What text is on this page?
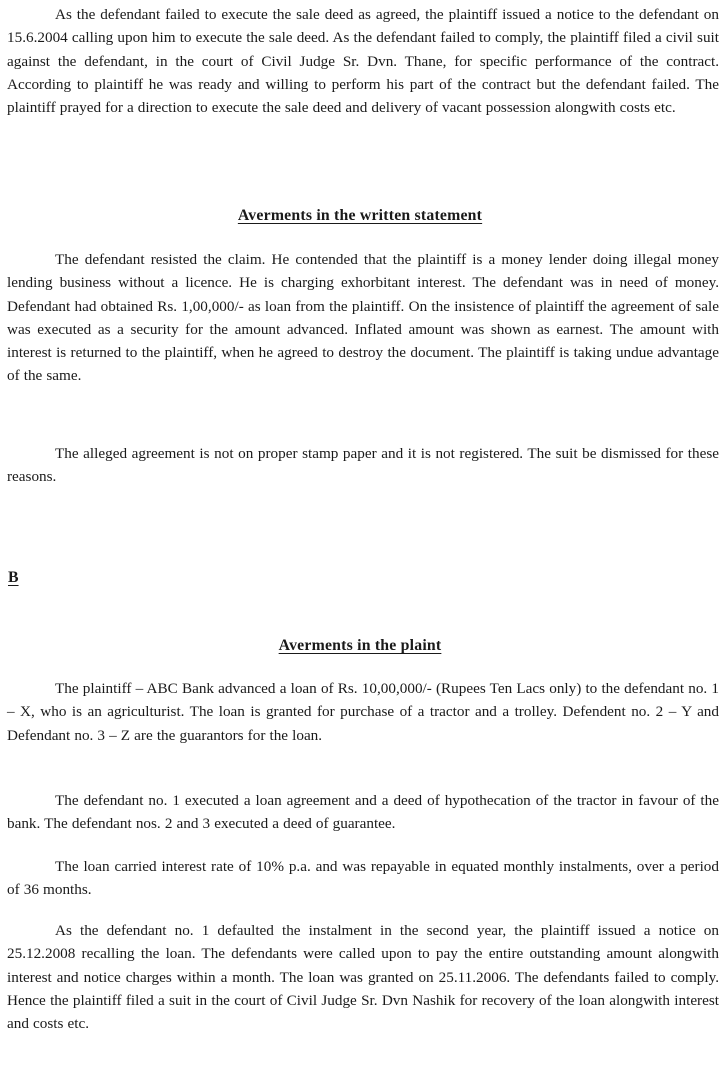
As the defendant failed to execute the sale deed as agreed, the plaintiff issued a notice to the defendant on 15.6.2004 calling upon him to execute the sale deed. As the defendant failed to comply, the plaintiff filed a civil suit against the defendant, in the court of Civil Judge Sr. Dvn. Thane, for specific performance of the contract. According to plaintiff he was ready and willing to perform his part of the contract but the defendant failed. The plaintiff prayed for a direction to execute the sale deed and delivery of vacant possession alongwith costs etc.

Averments in the written statement

The defendant resisted the claim. He contended that the plaintiff is a money lender doing illegal money lending business without a licence. He is charging exhorbitant interest. The defendant was in need of money. Defendant had obtained Rs. 1,00,000/- as loan from the plaintiff. On the insistence of plaintiff the agreement of sale was executed as a security for the amount advanced. Inflated amount was shown as earnest. The amount with interest is returned to the plaintiff, when he agreed to destroy the document. The plaintiff is taking undue advantage of the same.

The alleged agreement is not on proper stamp paper and it is not registered. The suit be dismissed for these reasons.

B
Averments in the plaint

The plaintiff – ABC Bank advanced a loan of Rs. 10,00,000/- (Rupees Ten Lacs only) to the defendant no. 1 – X, who is an agriculturist. The loan is granted for purchase of a tractor and a trolley. Defendent no. 2 – Y and Defendant no. 3 – Z are the guarantors for the loan.

The defendant no. 1 executed a loan agreement and a deed of hypothecation of the tractor in favour of the bank. The defendant nos. 2 and 3 executed a deed of guarantee.

The loan carried interest rate of 10% p.a. and was repayable in equated monthly instalments, over a period of 36 months.

As the defendant no. 1 defaulted the instalment in the second year, the plaintiff issued a notice on 25.12.2008 recalling the loan. The defendants were called upon to pay the entire outstanding amount alongwith interest and notice charges within a month. The loan was granted on 25.11.2006. The defendants failed to comply. Hence the plaintiff filed a suit in the court of Civil Judge Sr. Dvn Nashik for recovery of the loan alongwith interest and costs etc.
